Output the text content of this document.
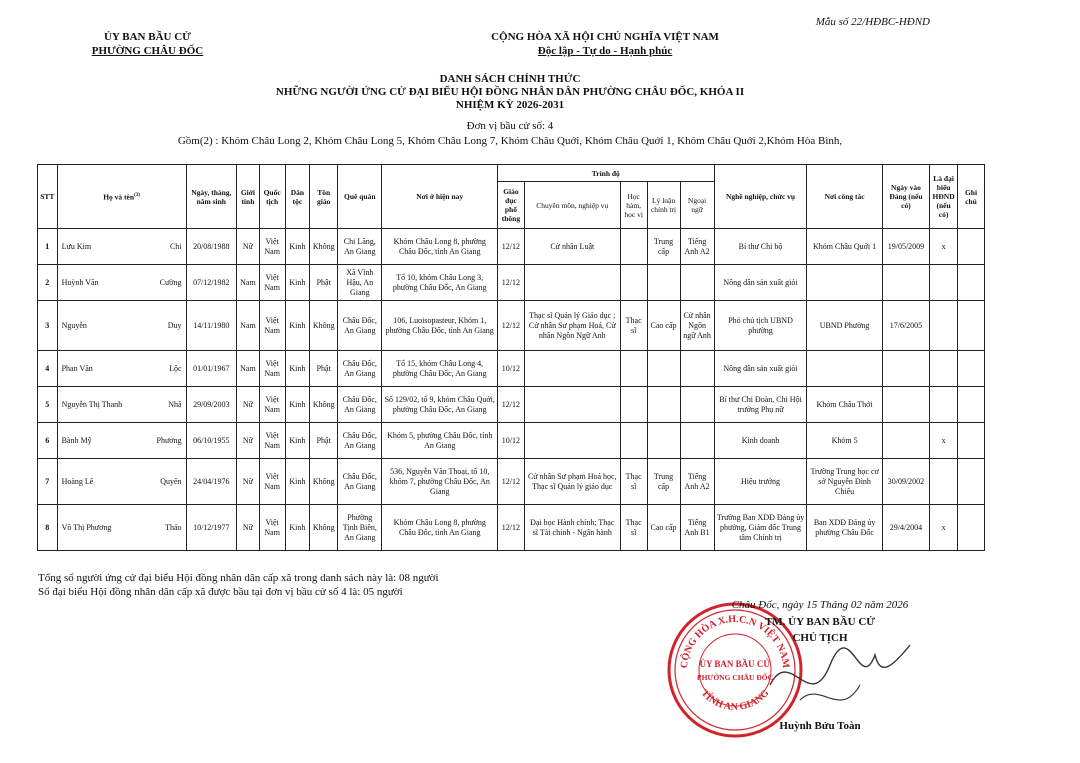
Mẫu số 22/HĐBC-HĐND
ỦY BAN BẦU CỬ
PHƯỜNG CHÂU ĐỐC
CỘNG HÒA XÃ HỘI CHỦ NGHĨA VIỆT NAM
Độc lập - Tự do - Hạnh phúc
DANH SÁCH CHÍNH THỨC
NHỮNG NGƯỜI ỨNG CỬ ĐẠI BIỂU HỘI ĐỒNG NHÂN DÂN PHƯỜNG CHÂU ĐỐC, KHÓA II
NHIỆM KỲ 2026-2031
Đơn vị bầu cử số: 4
Gồm(2) : Khóm Châu Long 2, Khóm Châu Long 5, Khóm Châu Long 7, Khóm Châu Quới, Khóm Châu Quới 1, Khóm Châu Quới 2,Khóm Hòa Bình,
STT	Họ và tên$^{(3)}$	Ngày, tháng, năm sinh	Giới tính	Quốc tịch	Dân tộc	Tôn giáo	Quê quán	Nơi ở hiện nay	Trình độ					Nghề nghiệp, chức vụ	Nơi công tác	Ngày vào Đảng (nếu có)	Là đại biểu HĐND (nếu có)	Ghi chú
									Giáo dục phổ thông	Chuyên môn, nghiệp vụ	Học hàm, học vị	Lý luận chính trị	Ngoại ngữ					
1	Lưu Kim Chi	20/08/1988	Nữ	Việt Nam	Kinh	Không	Chi Lăng, An Giang	Khóm Châu Long 8, phường Châu Đốc, tỉnh An Giang	12/12	Cử nhân Luật		Trung cấp	Tiếng Anh A2	Bí thư Chi bộ	Khóm Châu Quới 1	19/05/2009	x	
2	Huỳnh Văn Cường	07/12/1982	Nam	Việt Nam	Kinh	Phật	Xã Vĩnh Hậu, An Giang	Tổ 10, khóm Châu Long 3, phường Châu Đốc, An Giang	12/12					Nông dân sản xuất giỏi				
3	Nguyễn Duy	14/11/1980	Nam	Việt Nam	Kinh	Không	Châu Đốc, An Giang	106, Luoisopasteur, Khóm 1, phường Châu Đốc, tỉnh An Giang	12/12	Thạc sĩ Quản lý Giáo dục ; Cử nhân Sư phạm Hoá, Cử nhân Ngôn Ngữ Anh	Thạc sĩ	Cao cấp	Cử nhân Ngôn ngữ Anh	Phó chủ tịch UBND phường	UBND Phường	17/6/2005		
4	Phan Văn Lộc	01/01/1967	Nam	Việt Nam	Kinh	Phật	Châu Đốc, An Giang	Tổ 15, khóm Châu Long 4, phường Châu Đốc, An Giang	10/12					Nông dân sản xuất giỏi				
5	Nguyễn Thị Thanh Nhã	29/09/2003	Nữ	Việt Nam	Kinh	Không	Châu Đốc, An Giang	Số 129/02, tổ 9, khóm Châu Quới, phường Châu Đốc, An Giang	12/12					Bí thư Chi Đoàn, Chi Hội trưởng Phụ nữ	Khóm Châu Thới			
6	Bành Mỹ Phương	06/10/1955	Nữ	Việt Nam	Kinh	Phật	Châu Đốc, An Giang	Khóm 5, phường Châu Đốc, tỉnh An Giang	10/12					Kinh doanh	Khóm 5		x	
7	Hoàng Lê Quyên	24/04/1976	Nữ	Việt Nam	Kinh	Không	Châu Đốc, An Giang	536, Nguyễn Văn Thoại, tổ 10, khóm 7, phường Châu Đốc, An Giang	12/12	Cử nhân Sư phạm Hoá học, Thạc sĩ Quản lý giáo dục	Thạc sĩ	Trung cấp	Tiếng Anh A2	Hiệu trưởng	Trường Trung học cơ sở Nguyễn Đình Chiểu	30/09/2002		
8	Võ Thị Phương Thảo	10/12/1977	Nữ	Việt Nam	Kinh	Không	Phường Tịnh Biên, An Giang	Khóm Châu Long 8, phường Châu Đốc, tỉnh An Giang	12/12	Đại học Hành chính; Thạc sĩ Tài chính - Ngân hành	Thạc sĩ	Cao cấp	Tiếng Anh B1	Trưởng Ban XDĐ Đảng ủy phường, Giám đốc Trung tâm Chính trị	Ban XDĐ Đảng ủy phường Châu Đốc	29/4/2004	x	
Tổng số người ứng cử đại biểu Hội đồng nhân dân cấp xã trong danh sách này là: 08 người
Số đại biểu Hội đồng nhân dân cấp xã được bầu tại đơn vị bầu cử số 4 là: 05 người
CỘNG HÒA X.H.C.N VIỆT NAM
TỈNH AN GIANG
ỦY BAN BẦU CỬ
PHƯỜNG CHÂU ĐỐC
Châu Đốc, ngày 15 Tháng 02 năm 2026
TM. ỦY BAN BẦU CỬ
CHỦ TỊCH
Huỳnh Bửu Toàn
